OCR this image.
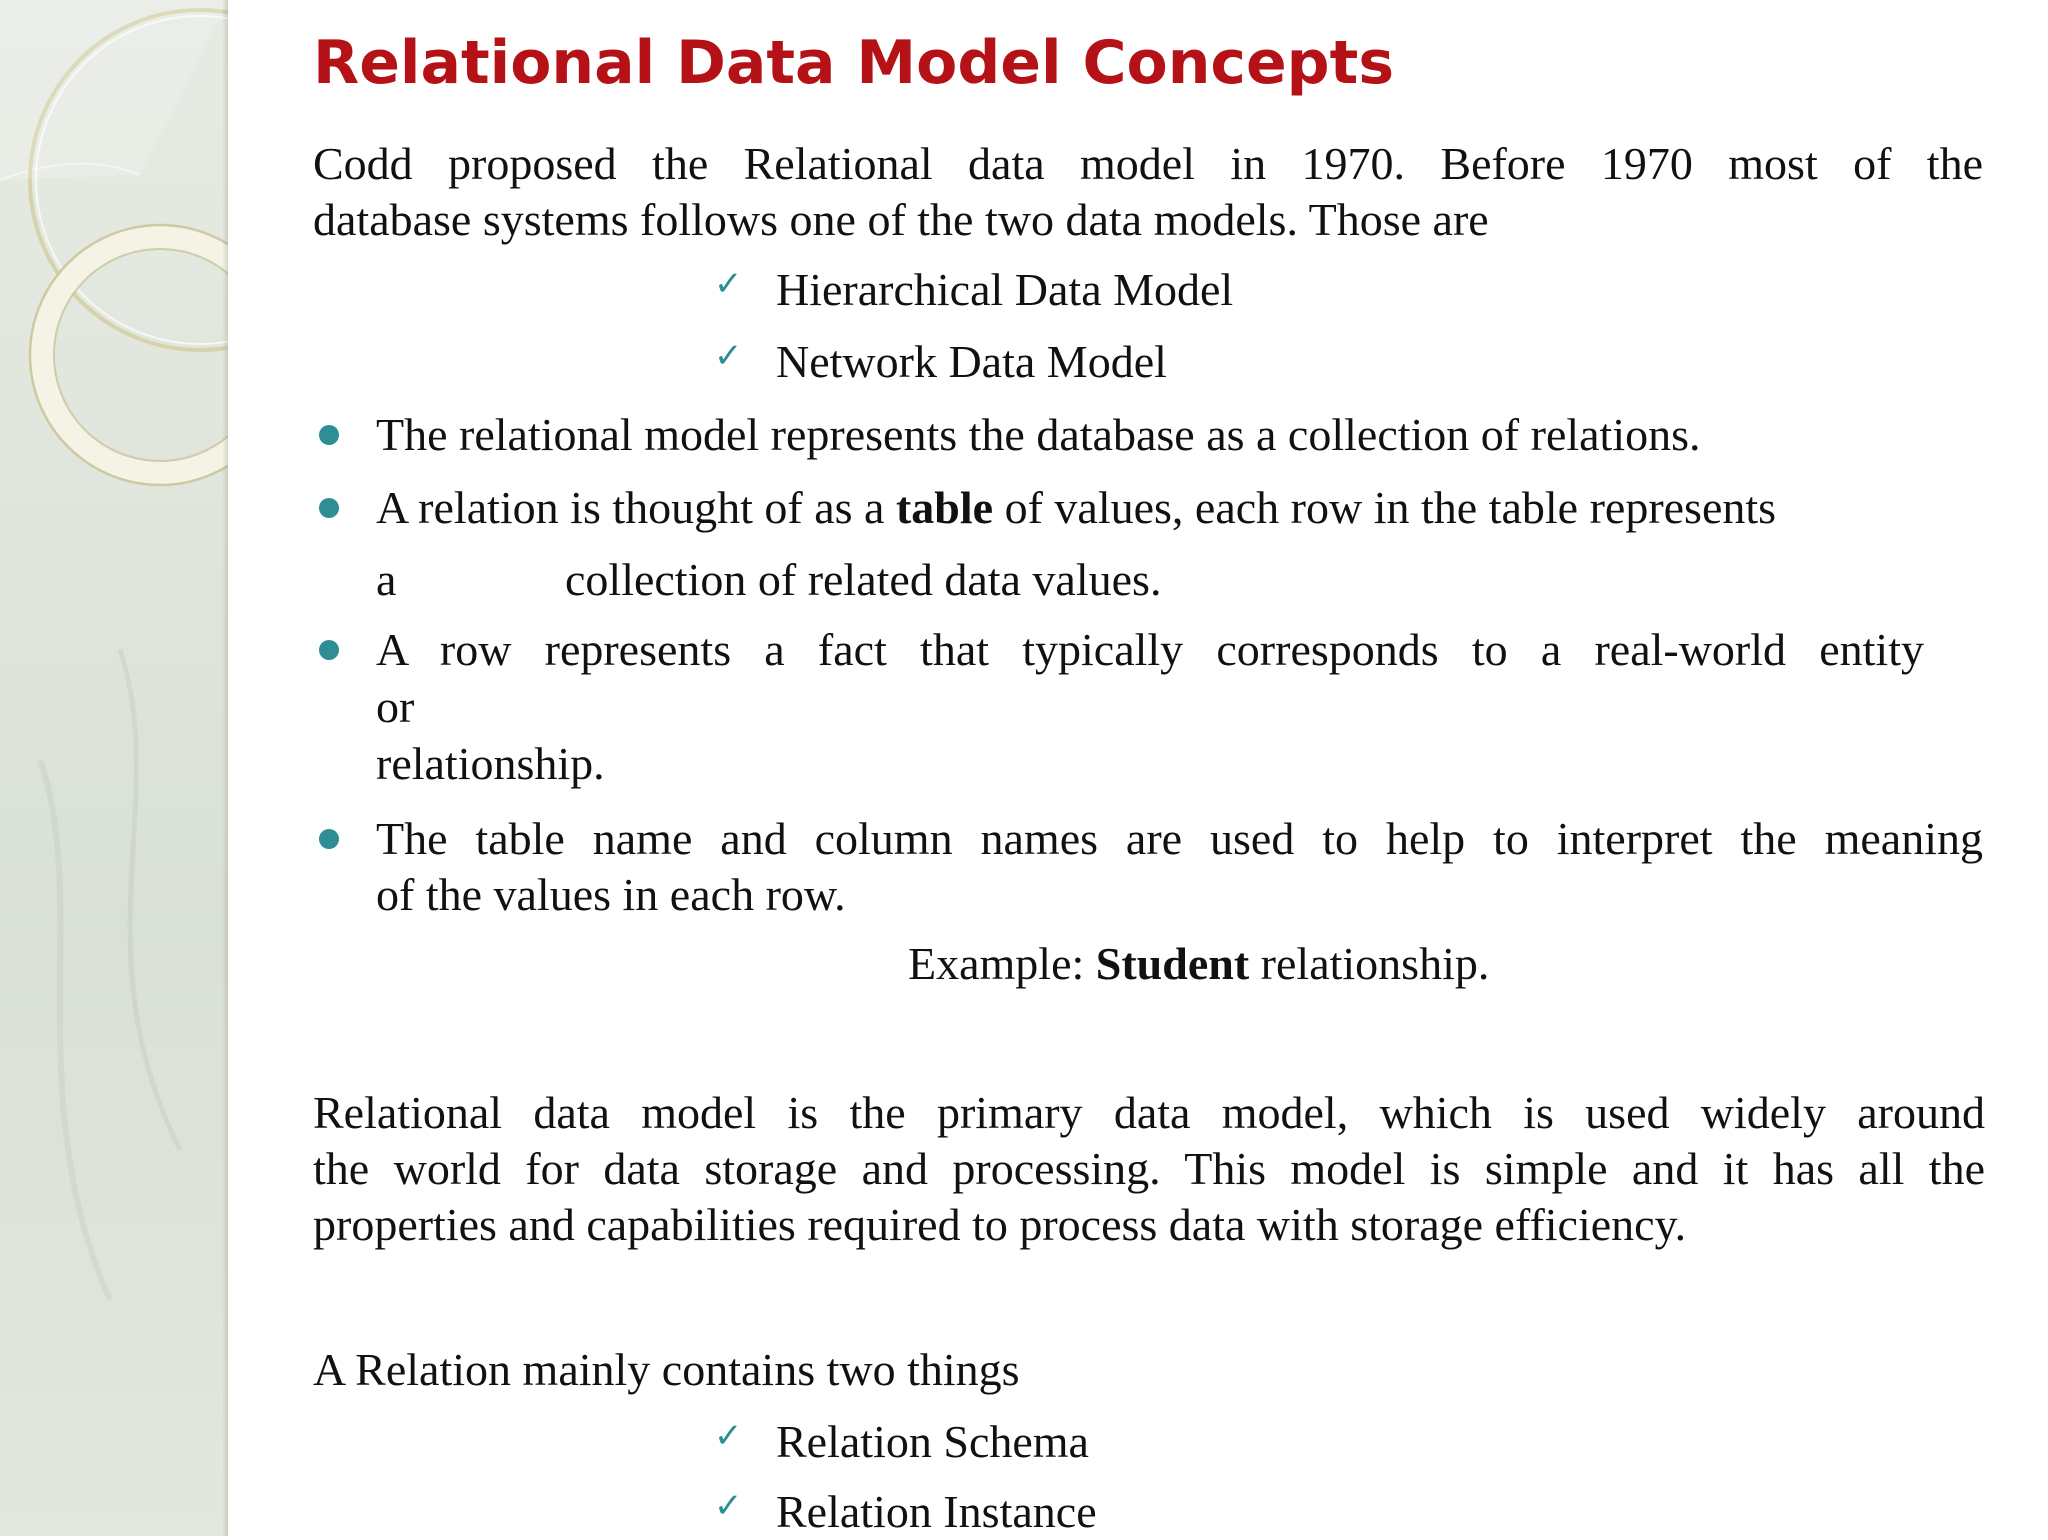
Relational Data Model Concepts
Codd proposed the Relational data model in 1970. Before 1970 most of the
database systems follows one of the two data models. Those are
✓ Hierarchical Data Model
✓ Network Data Model
The relational model represents the database as a collection of relations.
A relation is thought of as a table of values, each row in the table represents
a	collection of related data values.
A row represents a fact that typically corresponds to a real-world entity
or
relationship.
The table name and column names are used to help to interpret the meaning
of the values in each row.
Example: Student relationship.
Relational data model is the primary data model, which is used widely around
the world for data storage and processing. This model is simple and it has all the
properties and capabilities required to process data with storage efficiency.
A Relation mainly contains two things
✓ Relation Schema
✓ Relation Instance
